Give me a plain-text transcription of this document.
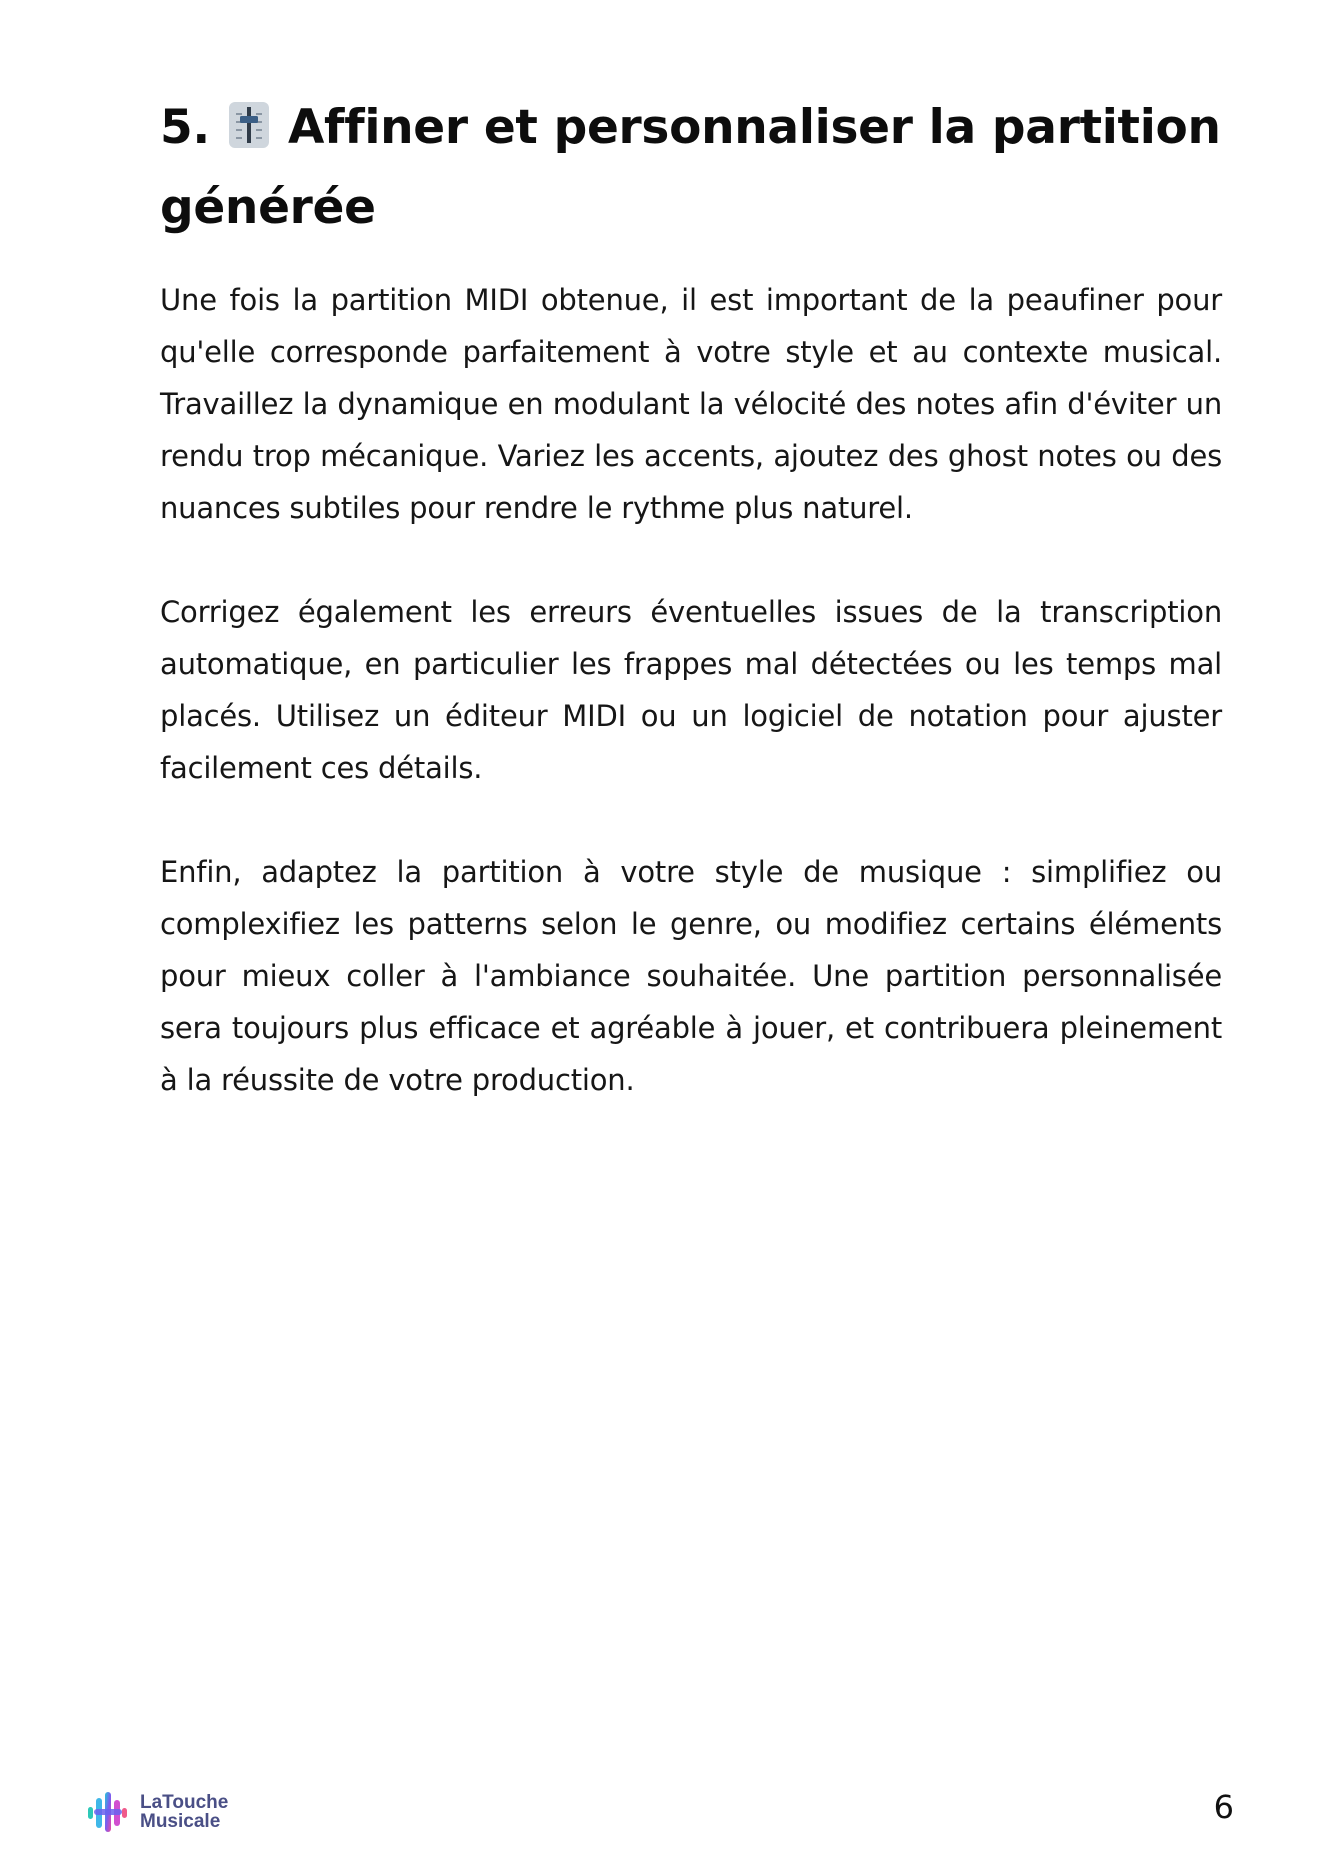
5. Affiner et personnaliser la partition générée

Une fois la partition MIDI obtenue, il est important de la peaufiner pour qu'elle corresponde parfaitement à votre style et au contexte musical. Travaillez la dynamique en modulant la vélocité des notes afin d'éviter un rendu trop mécanique. Variez les accents, ajoutez des ghost notes ou des nuances subtiles pour rendre le rythme plus naturel.

Corrigez également les erreurs éventuelles issues de la transcription automatique, en particulier les frappes mal détectées ou les temps mal placés. Utilisez un éditeur MIDI ou un logiciel de notation pour ajuster facilement ces détails.

Enfin, adaptez la partition à votre style de musique : simplifiez ou complexifiez les patterns selon le genre, ou modifiez certains éléments pour mieux coller à l'ambiance souhaitée. Une partition personnalisée sera toujours plus efficace et agréable à jouer, et contribuera pleinement à la réussite de votre production.

LaTouche
Musicale	6
